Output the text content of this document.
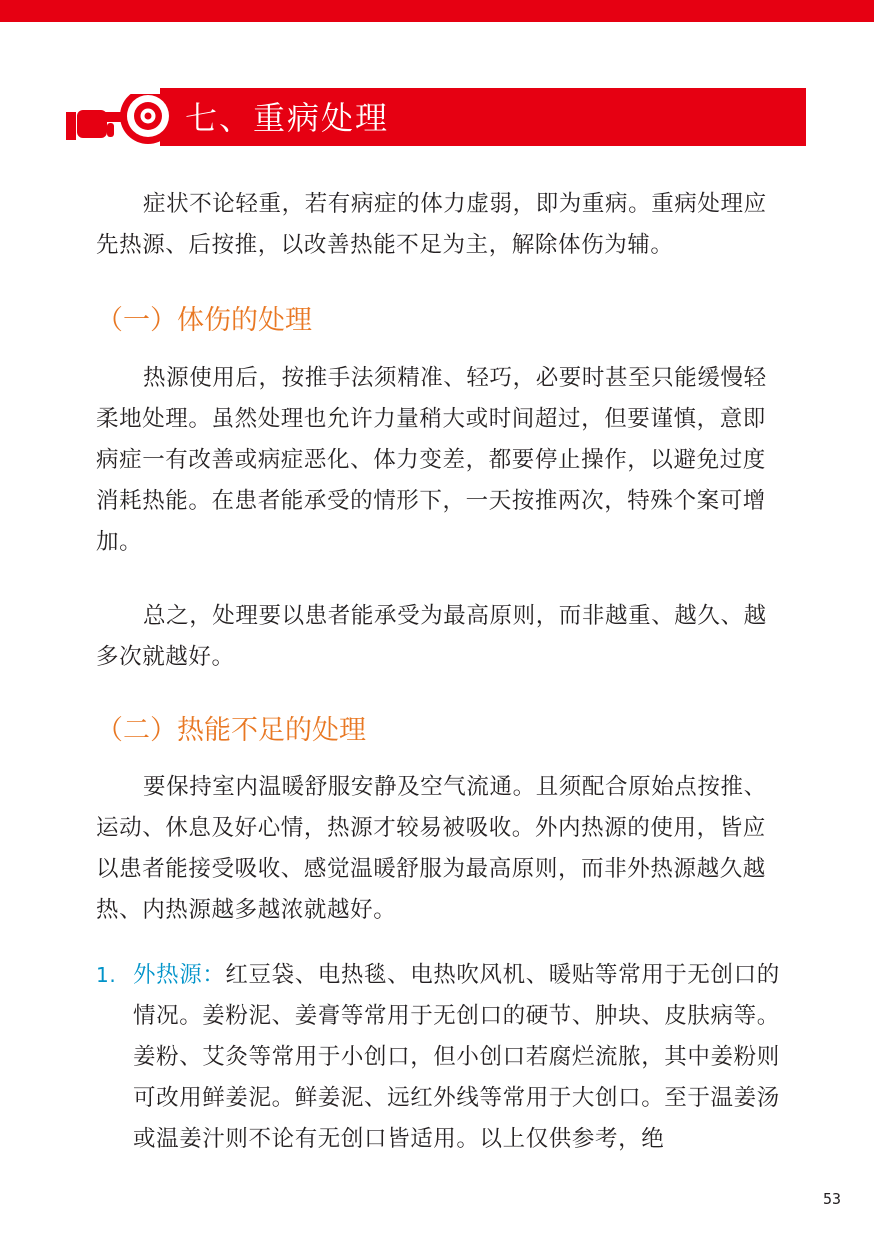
七、重病处理

症状不论轻重，若有病症的体力虚弱，即为重病。重病处理应先热源、后按推，以改善热能不足为主，解除体伤为辅。

（一）体伤的处理

热源使用后，按推手法须精准、轻巧，必要时甚至只能缓慢轻柔地处理。虽然处理也允许力量稍大或时间超过，但要谨慎，意即病症一有改善或病症恶化、体力变差，都要停止操作，以避免过度消耗热能。在患者能承受的情形下，一天按推两次，特殊个案可增加。

总之，处理要以患者能承受为最高原则，而非越重、越久、越多次就越好。

（二）热能不足的处理

要保持室内温暖舒服安静及空气流通。且须配合原始点按推、运动、休息及好心情，热源才较易被吸收。外内热源的使用，皆应以患者能接受吸收、感觉温暖舒服为最高原则，而非外热源越久越热、内热源越多越浓就越好。

1. 外热源：红豆袋、电热毯、电热吹风机、暖贴等常用于无创口的情况。姜粉泥、姜膏等常用于无创口的硬节、肿块、皮肤病等。姜粉、艾灸等常用于小创口，但小创口若腐烂流脓，其中姜粉则可改用鲜姜泥。鲜姜泥、远红外线等常用于大创口。至于温姜汤或温姜汁则不论有无创口皆适用。以上仅供参考，绝
53
